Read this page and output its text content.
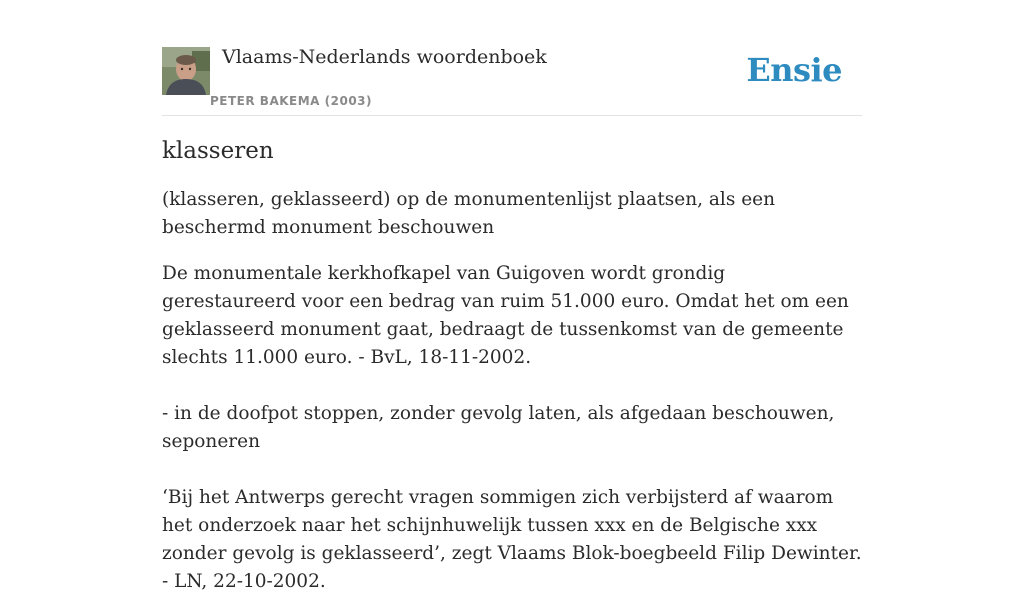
Vlaams-Nederlands woordenboek
PETER BAKEMA (2003)
Ensie
klasseren

(klasseren, geklasseerd) op de monumentenlijst plaatsen, als een beschermd monument beschouwen

De monumentale kerkhofkapel van Guigoven wordt grondig gerestaureerd voor een bedrag van ruim 51.000 euro. Omdat het om een geklasseerd monument gaat, bedraagt de tussenkomst van de gemeente slechts 11.000 euro. - BvL, 18-11-2002.

- in de doofpot stoppen, zonder gevolg laten, als afgedaan beschouwen, seponeren

‘Bij het Antwerps gerecht vragen sommigen zich verbijsterd af waarom het onderzoek naar het schijnhuwelijk tussen xxx en de Belgische xxx zonder gevolg is geklasseerd’, zegt Vlaams Blok-boegbeeld Filip Dewinter. - LN, 22-10-2002.
